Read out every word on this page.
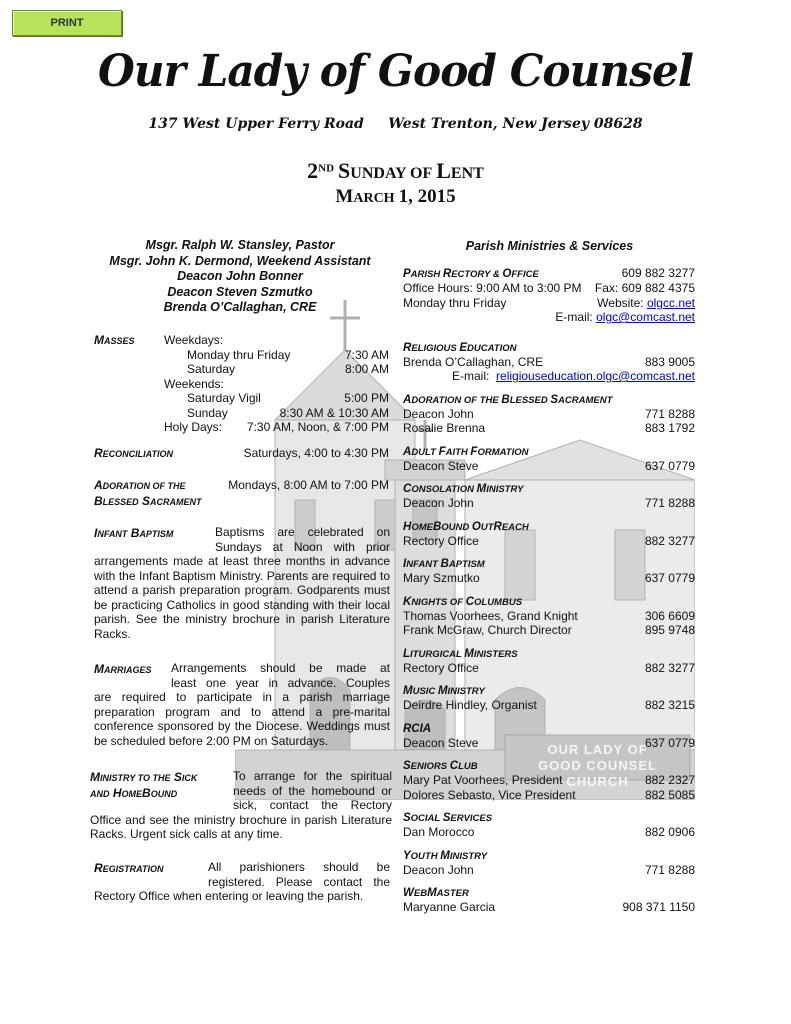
OUR LADY OF
GOOD COUNSEL CHURCH
PRINT
Our Lady of Good Counsel
137 West Upper Ferry Road     West Trenton, New Jersey 08628
2ND SUNDAY OF LENT
MARCH 1, 2015
Msgr. Ralph W. Stansley, Pastor
Msgr. John K. Dermond, Weekend Assistant
Deacon John Bonner
Deacon Steven Szmutko
Brenda O’Callaghan, CRE
MASSES Weekdays:
Monday thru Friday	7:30 AM
Saturday	8:00 AM
Weekends:
Saturday Vigil	5:00 PM
Sunday	8:30 AM & 10:30 AM
Holy Days: 7:30 AM, Noon, & 7:00 PM
RECONCILIATION	Saturdays, 4:00 to 4:30 PM
ADORATION OF THE
BLESSED SACRAMENT
Mondays, 8:00 AM to 7:00 PM
INFANT BAPTISM	Baptisms are celebrated on
Sundays at Noon with prior
arrangements made at least three months in advance with the Infant Baptism Ministry. Parents are required to attend a parish preparation program. Godparents must be practicing Catholics in good standing with their local parish. See the ministry brochure in parish Literature Racks.
MARRIAGES Arrangements should be made at
least one year in advance. Couples
are required to participate in a parish marriage preparation program and to attend a pre-marital conference sponsored by the Diocese. Weddings must be scheduled before 2:00 PM on Saturdays.
MINISTRY TO THE SICK
AND HOMEBOUND
To arrange for the spiritual
needs of the homebound or
sick, contact the Rectory
Office and see the ministry brochure in parish Literature Racks. Urgent sick calls at any time.
REGISTRATION	All parishioners should be
registered. Please contact the
Rectory Office when entering or leaving the parish.
Parish Ministries & Services
PARISH RECTORY & OFFICE	609 882 3277
Office Hours: 9:00 AM to 3:00 PM Fax: 609 882 4375
Monday thru Friday	Website: olgcc.net
E-mail: olgc@comcast.net
RELIGIOUS EDUCATION
Brenda O’Callaghan, CRE	883 9005
E-mail: religiouseducation.olgc@comcast.net
ADORATION OF THE BLESSED SACRAMENT
Deacon John	771 8288
Rosalie Brenna	883 1792
ADULT FAITH FORMATION
Deacon Steve	637 0779
CONSOLATION MINISTRY
Deacon John	771 8288
HOMEBOUND OUTREACH
Rectory Office	882 3277
INFANT BAPTISM
Mary Szmutko	637 0779
KNIGHTS OF COLUMBUS
Thomas Voorhees, Grand Knight	306 6609
Frank McGraw, Church Director	895 9748
LITURGICAL MINISTERS
Rectory Office	882 3277
MUSIC MINISTRY
Deirdre Hindley, Organist	882 3215
RCIA
Deacon Steve	637 0779
SENIORS CLUB
Mary Pat Voorhees, President	882 2327
Dolores Sebasto, Vice President	882 5085
SOCIAL SERVICES
Dan Morocco	882 0906
YOUTH MINISTRY
Deacon John	771 8288
WEBMASTER
Maryanne Garcia	908 371 1150
